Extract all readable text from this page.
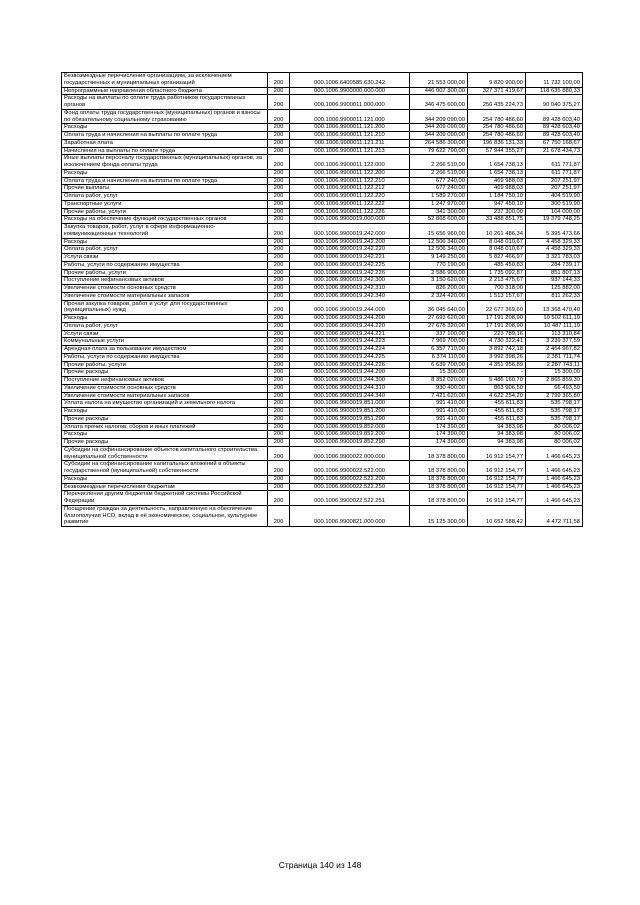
Безвозмездные перечисления организациям, за исключением государственных и муниципальных организаций	200	000.1006.6400585.630.242	21 553 000,00	9 820 900,00	11 732 100,00
Непрограммные направления областного бюджета	200	000.1006.9900000.000.000	446 007 300,00	327 371 419,67	118 635 880,33
Расходы на выплаты по оплате труда работников государственных органов	200	000.1006.9900011.000.000	346 475 600,00	256 435 224,73	90 040 375,27
Фонд оплаты труда государственных (муниципальных) органов и взносы по обязательному социальному страхованию	200	000.1006.9900011.121.000	344 209 090,00	254 780 486,60	89 428 603,40
Расходы	200	000.1006.9900011.121.200	344 209 090,00	254 780 486,60	89 428 603,40
Оплата труда и начисления на выплаты по оплате труда	200	000.1006.9900011.121.210	344 209 090,00	254 780 486,60	89 428 603,40
Заработная плата	200	000.1006.9900011.121.211	264 586 300,00	196 836 131,33	67 750 168,67
Начисления на выплаты по оплате труда	200	000.1006.9900011.121.213	79 622 790,00	57 944 355,27	21 678 434,73
Иные выплаты персоналу государственных (муниципальных) органов, за исключением фонда оплаты труда	200	000.1006.9900011.122.000	2 266 510,00	1 654 738,13	611 771,87
Расходы	200	000.1006.9900011.122.200	2 266 510,00	1 654 738,13	611 771,87
Оплата труда и начисления на выплаты по оплате труда	200	000.1006.9900011.122.210	677 240,00	469 988,03	207 251,97
Прочие выплаты	200	000.1006.9900011.122.212	677 240,00	469 988,03	207 251,97
Оплата работ, услуг	200	000.1006.9900011.122.220	1 589 270,00	1 184 750,10	404 519,90
Транспортные услуги	200	000.1006.9900011.122.222	1 247 970,00	947 450,10	300 519,90
Прочие работы, услуги	200	000.1006.9900011.122.226	341 300,00	237 300,00	104 000,00
Расходы на обеспечение функций государственных органов	200	000.1006.9900019.000.000	52 868 600,00	33 488 851,75	19 379 748,25
Закупка товаров, работ, услуг в сфере информационно-коммуникационных технологий	200	000.1006.9900019.242.000	15 656 960,00	10 261 486,34	5 395 473,66
Расходы	200	000.1006.9900019.242.200	12 506 340,00	8 048 010,67	4 458 329,33
Оплата работ, услуг	200	000.1006.9900019.242.220	12 506 340,00	8 048 010,67	4 458 329,33
Услуги связи	200	000.1006.9900019.242.221	9 149 250,00	5 827 466,97	3 321 783,03
Работы, услуги по содержанию имущества	200	000.1006.9900019.242.225	770 190,00	485 450,83	284 739,17
Прочие работы, услуги	200	000.1006.9900019.242.226	2 586 900,00	1 735 092,87	851 807,13
Поступление нефинансовых активов	200	000.1006.9900019.242.300	3 150 620,00	2 213 475,67	937 144,33
Увеличение стоимости основных средств	200	000.1006.9900019.242.310	826 200,00	700 318,00	125 882,00
Увеличение стоимости материальных запасов	200	000.1006.9900019.242.340	2 324 420,00	1 513 157,67	811 262,33
Прочая закупка товаров, работ и услуг для государственных (муниципальных) нужд	200	000.1006.9900019.244.000	36 045 640,00	22 677 369,60	13 368 470,40
Расходы	200	000.1006.9900019.244.200	27 693 620,00	17 191 208,90	10 502 611,10
Оплата работ, услуг	200	000.1006.9900019.244.220	27 678 320,00	17 191 208,90	10 487 111,10
Услуги связи	200	000.1006.9900019.244.221	337 100,00	223 789,16	113 310,84
Коммунальные услуги	200	000.1006.9900019.244.223	7 969 700,00	4 730 322,41	3 239 377,59
Арендная плата за пользование имуществом	200	000.1006.9900019.244.224	6 357 710,00	3 892 742,18	2 464 967,82
Работы, услуги по содержанию имущества	200	000.1006.9900019.244.225	6 374 110,00	3 992 398,26	2 381 711,74
Прочие работы, услуги	200	000.1006.9900019.244.226	6 639 700,00	4 351 956,89	2 287 743,11
Прочие расходы	200	000.1006.9900019.244.290	15 300,00	-	15 300,00
Поступление нефинансовых активов	200	000.1006.9900019.244.300	8 352 020,00	5 486 160,70	2 865 859,30
Увеличение стоимости основных средств	200	000.1006.9900019.244.310	930 400,00	863 906,50	66 493,50
Увеличение стоимости материальных запасов	200	000.1006.9900019.244.340	7 421 620,00	4 622 254,20	2 799 365,80
Уплата налога на имущество организаций и земельного налога	200	000.1006.9900019.851.000	991 410,00	455 611,83	535 798,17
Расходы	200	000.1006.9900019.851.200	991 410,00	455 611,83	535 798,17
Прочие расходы	200	000.1006.9900019.851.290	991 410,00	455 611,83	535 798,17
Уплата прочих налогов, сборов и иных платежей	200	000.1006.9900019.852.000	174 390,00	94 383,98	80 006,02
Расходы	200	000.1006.9900019.852.200	174 390,00	94 383,98	80 006,02
Прочие расходы	200	000.1006.9900019.852.290	174 390,00	94 383,98	80 006,02
Субсидии на софинансирование объектов капитального строительства муниципальной собственности	200	000.1006.9900022.000.000	18 378 800,00	16 912 154,77	1 466 645,23
Субсидии на софинансирование капитальных вложений в объекты государственной (муниципальной) собственности	200	000.1006.9900022.522.000	18 378 800,00	16 912 154,77	1 466 645,23
Расходы	200	000.1006.9900022.522.200	18 378 800,00	16 912 154,77	1 466 645,23
Безвозмездные перечисления бюджетам	200	000.1006.9900022.522.250	18 378 800,00	16 912 154,77	1 466 645,23
Перечисления другим бюджетам бюджетной системы Российской Федерации	200	000.1006.9900022.522.251	18 378 800,00	16 912 154,77	1 466 645,23
Поощрение граждан за деятельность, направленную на обеспечение благополучия НСО, вклад в её экономическое, социальное, культурное развитие	200	000.1006.9900821.000.000	15 125 300,00	10 652 588,42	4 472 711,58
Страница 140 из 148
